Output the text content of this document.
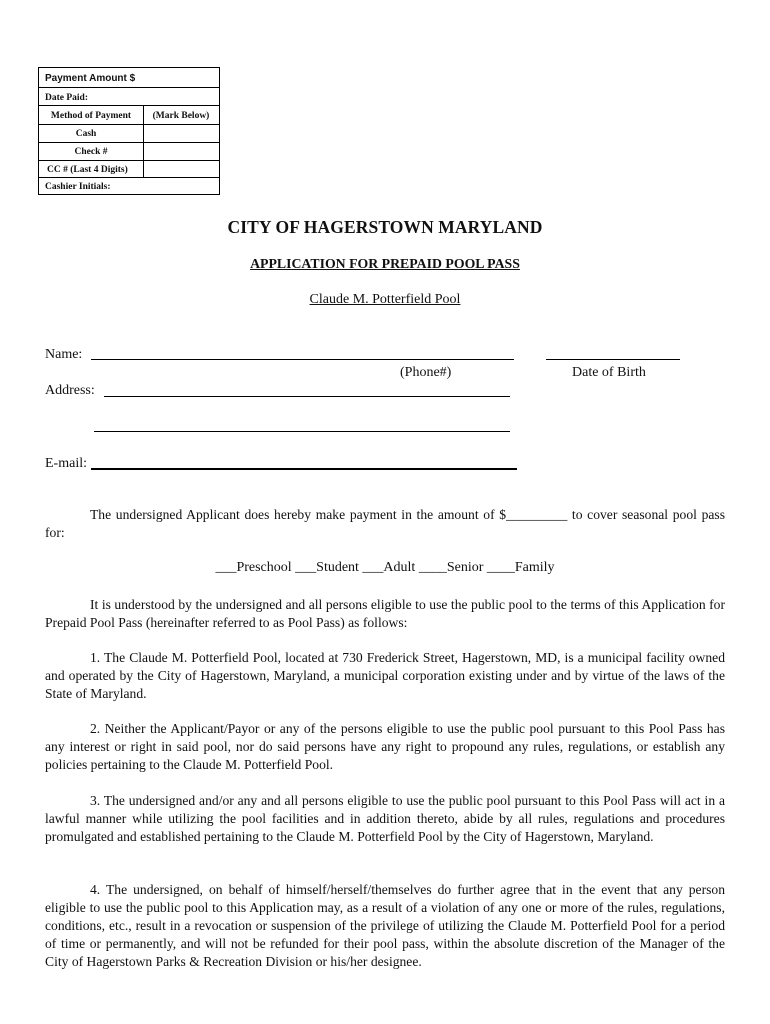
Payment Amount $
Date Paid:
Method of Payment	(Mark Below)
Cash
Check #
CC # (Last 4 Digits)
Cashier Initials:
CITY OF HAGERSTOWN MARYLAND
APPLICATION FOR PREPAID POOL PASS
Claude M. Potterfield Pool
Name:
(Phone#)	Date of Birth
Address:
E-mail:
The undersigned Applicant does hereby make payment in the amount of $_________ to cover seasonal pool pass for:
___Preschool ___Student ___Adult ____Senior ____Family
It is understood by the undersigned and all persons eligible to use the public pool to the terms of this Application for Prepaid Pool Pass (hereinafter referred to as Pool Pass) as follows:
1. The Claude M. Potterfield Pool, located at 730 Frederick Street, Hagerstown, MD, is a municipal facility owned and operated by the City of Hagerstown, Maryland, a municipal corporation existing under and by virtue of the laws of the State of Maryland.
2. Neither the Applicant/Payor or any of the persons eligible to use the public pool pursuant to this Pool Pass has any interest or right in said pool, nor do said persons have any right to propound any rules, regulations, or establish any policies pertaining to the Claude M. Potterfield Pool.
3. The undersigned and/or any and all persons eligible to use the public pool pursuant to this Pool Pass will act in a lawful manner while utilizing the pool facilities and in addition thereto, abide by all rules, regulations and procedures promulgated and established pertaining to the Claude M. Potterfield Pool by the City of Hagerstown, Maryland.
4. The undersigned, on behalf of himself/herself/themselves do further agree that in the event that any person eligible to use the public pool to this Application may, as a result of a violation of any one or more of the rules, regulations, conditions, etc., result in a revocation or suspension of the privilege of utilizing the Claude M. Potterfield Pool for a period of time or permanently, and will not be refunded for their pool pass, within the absolute discretion of the Manager of the City of Hagerstown Parks & Recreation Division or his/her designee.
